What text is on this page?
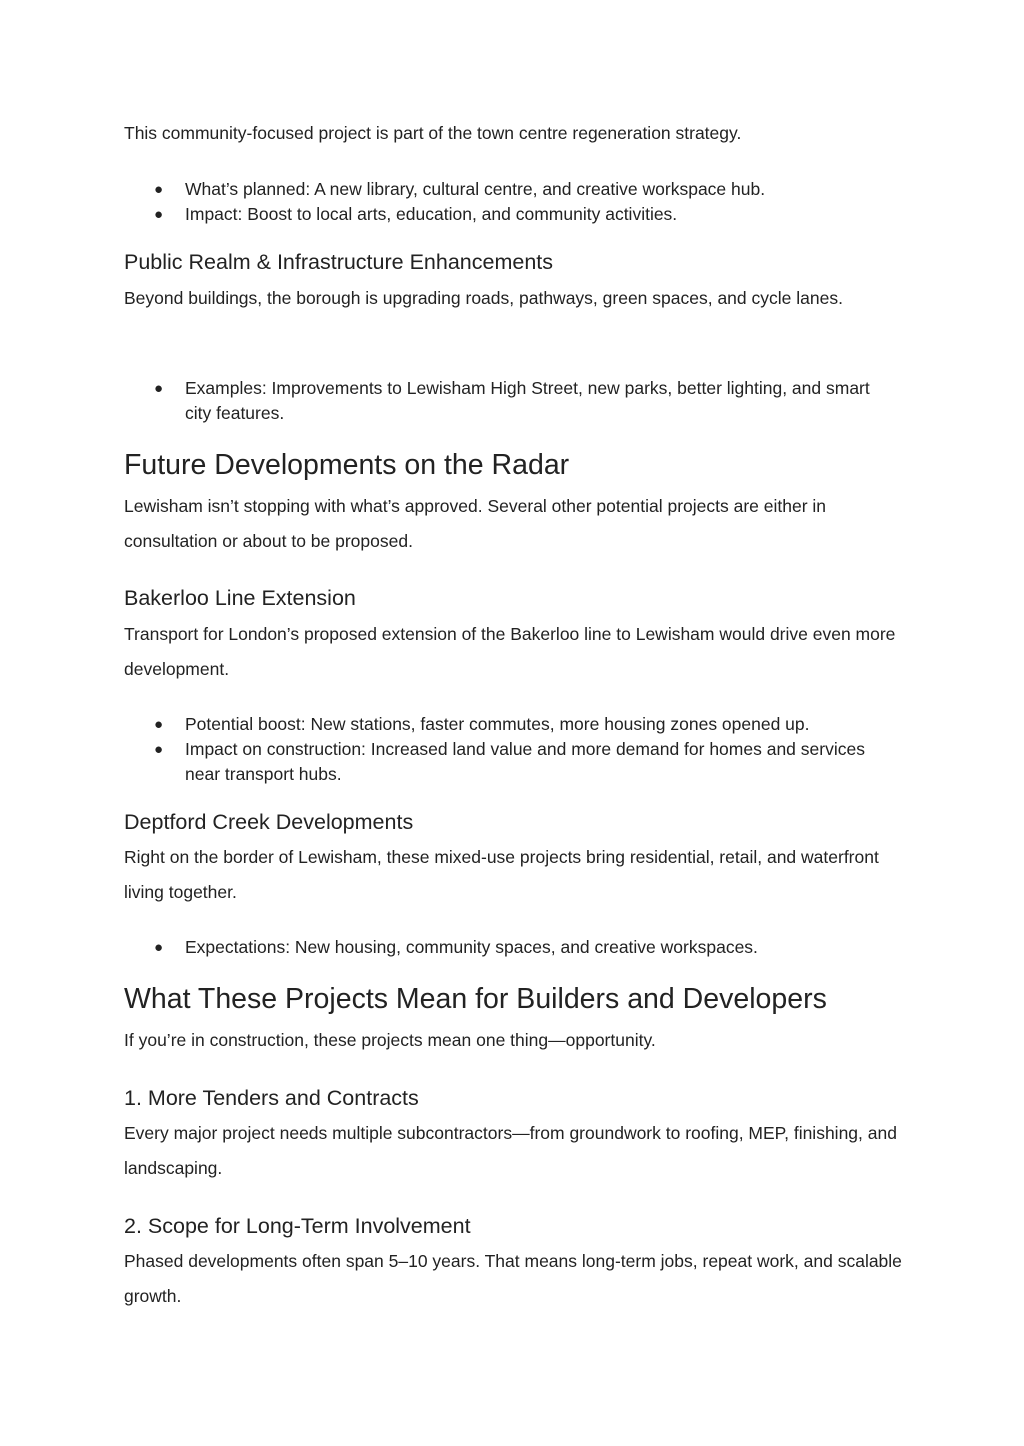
This community-focused project is part of the town centre regeneration strategy.

● What’s planned: A new library, cultural centre, and creative workspace hub.
● Impact: Boost to local arts, education, and community activities.
Public Realm & Infrastructure Enhancements

Beyond buildings, the borough is upgrading roads, pathways, green spaces, and cycle lanes.

● Examples: Improvements to Lewisham High Street, new parks, better lighting, and smart city features.
Future Developments on the Radar

Lewisham isn’t stopping with what’s approved. Several other potential projects are either in consultation or about to be proposed.

Bakerloo Line Extension

Transport for London’s proposed extension of the Bakerloo line to Lewisham would drive even more development.

● Potential boost: New stations, faster commutes, more housing zones opened up.
● Impact on construction: Increased land value and more demand for homes and services near transport hubs.
Deptford Creek Developments

Right on the border of Lewisham, these mixed-use projects bring residential, retail, and waterfront living together.

● Expectations: New housing, community spaces, and creative workspaces.
What These Projects Mean for Builders and Developers

If you’re in construction, these projects mean one thing—opportunity.

1. More Tenders and Contracts

Every major project needs multiple subcontractors—from groundwork to roofing, MEP, finishing, and landscaping.

2. Scope for Long-Term Involvement

Phased developments often span 5–10 years. That means long-term jobs, repeat work, and scalable growth.
